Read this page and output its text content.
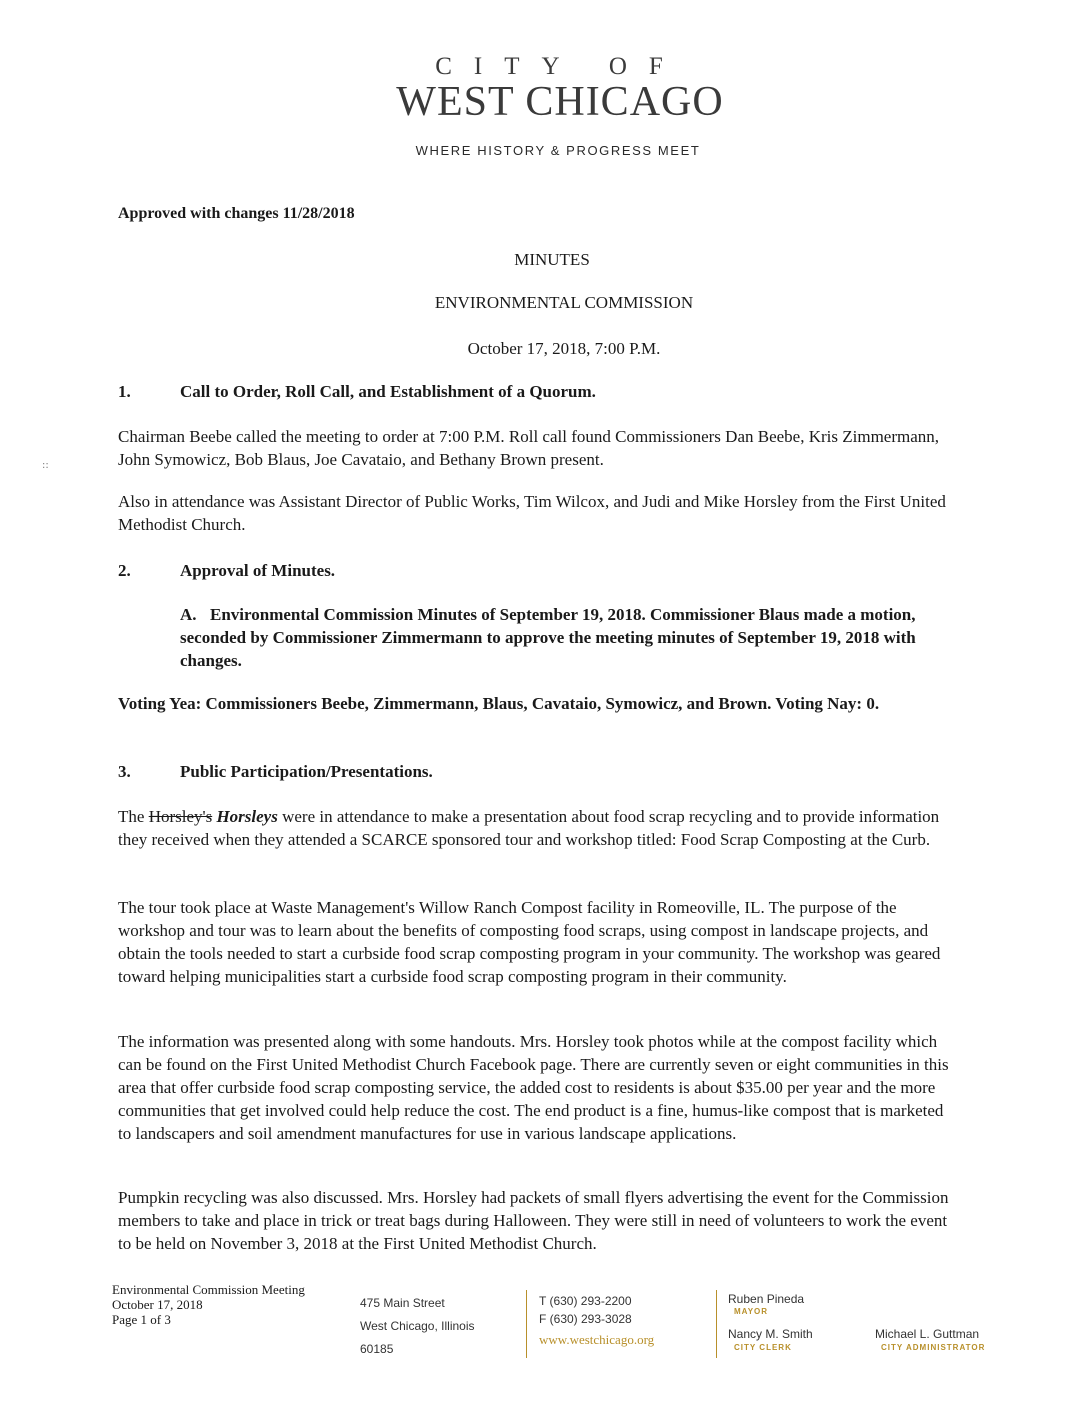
CITY OF
WEST CHICAGO
WHERE HISTORY & PROGRESS MEET
Approved with changes 11/28/2018
MINUTES
ENVIRONMENTAL COMMISSION
October 17, 2018, 7:00 P.M.
1.	Call to Order, Roll Call, and Establishment of a Quorum.
Chairman Beebe called the meeting to order at 7:00 P.M. Roll call found Commissioners Dan Beebe, Kris Zimmermann, John Symowicz, Bob Blaus, Joe Cavataio, and Bethany Brown present.
::
Also in attendance was Assistant Director of Public Works, Tim Wilcox, and Judi and Mike Horsley from the First United Methodist Church.
2.	Approval of Minutes.
A. Environmental Commission Minutes of September 19, 2018. Commissioner Blaus made a motion, seconded by Commissioner Zimmermann to approve the meeting minutes of September 19, 2018 with changes.
Voting Yea: Commissioners Beebe, Zimmermann, Blaus, Cavataio, Symowicz, and Brown. Voting Nay: 0.
3.	Public Participation/Presentations.
The Horsley's Horsleys were in attendance to make a presentation about food scrap recycling and to provide information they received when they attended a SCARCE sponsored tour and workshop titled: Food Scrap Composting at the Curb.
The tour took place at Waste Management's Willow Ranch Compost facility in Romeoville, IL. The purpose of the workshop and tour was to learn about the benefits of composting food scraps, using compost in landscape projects, and obtain the tools needed to start a curbside food scrap composting program in your community. The workshop was geared toward helping municipalities start a curbside food scrap composting program in their community.
The information was presented along with some handouts. Mrs. Horsley took photos while at the compost facility which can be found on the First United Methodist Church Facebook page. There are currently seven or eight communities in this area that offer curbside food scrap composting service, the added cost to residents is about $35.00 per year and the more communities that get involved could help reduce the cost. The end product is a fine, humus-like compost that is marketed to landscapers and soil amendment manufactures for use in various landscape applications.
Pumpkin recycling was also discussed. Mrs. Horsley had packets of small flyers advertising the event for the Commission members to take and place in trick or treat bags during Halloween. They were still in need of volunteers to work the event to be held on November 3, 2018 at the First United Methodist Church.
Environmental Commission Meeting
October 17, 2018
Page 1 of 3
475 Main Street
West Chicago, Illinois
60185
T (630) 293-2200
F (630) 293-3028
www.westchicago.org
Ruben Pineda
MAYOR
Nancy M. Smith
CITY CLERK
Michael L. Guttman
CITY ADMINISTRATOR
